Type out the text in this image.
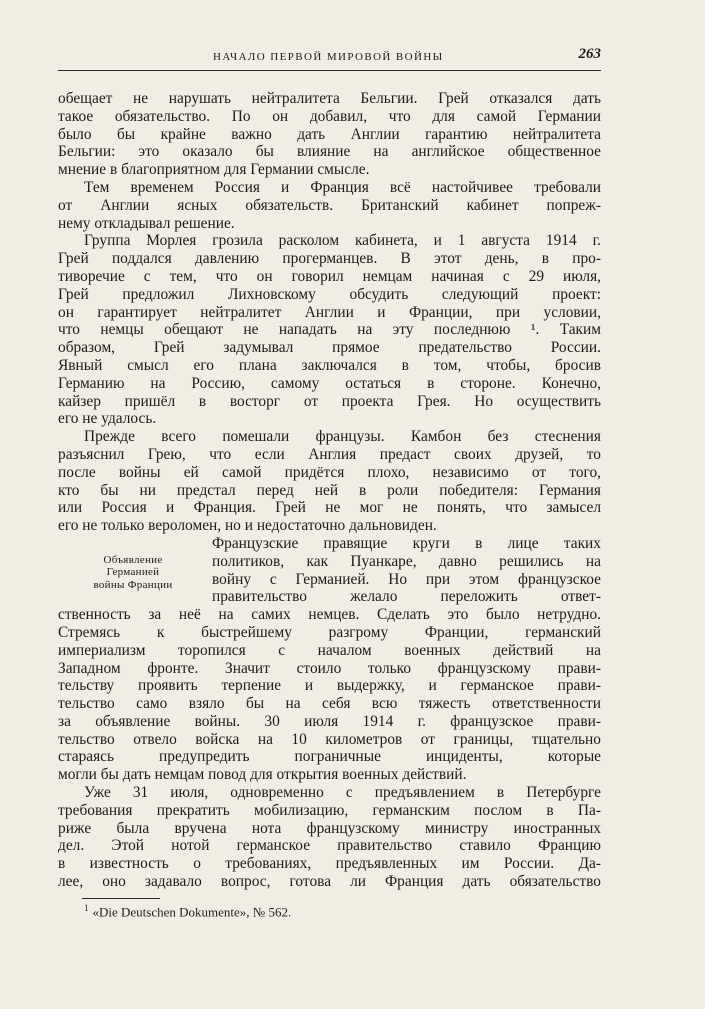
НАЧАЛО ПЕРВОЙ МИРОВОЙ ВОЙНЫ	263

обещает не нарушать нейтралитета Бельгии. Грей отказался дать
такое обязательство. По он добавил, что для самой Германии
было бы крайне важно дать Англии гарантию нейтралитета
Бельгии: это оказало бы влияние на английское общественное
мнение в благоприятном для Германии смысле.

Тем временем Россия и Франция всё настойчивее требовали
от Англии ясных обязательств. Британский кабинет попреж-
нему откладывал решение.

Группа Морлея грозила расколом кабинета, и 1 августа 1914 г.
Грей поддался давлению прогерманцев. В этот день, в про-
тиворечие с тем, что он говорил немцам начиная с 29 июля,
Грей предложил Лихновскому обсудить следующий проект:
он гарантирует нейтралитет Англии и Франции, при условии,
что немцы обещают не нападать на эту последнюю ¹. Таким
образом, Грей задумывал прямое предательство России.
Явный смысл его плана заключался в том, чтобы, бросив
Германию на Россию, самому остаться в стороне. Конечно,
кайзер пришёл в восторг от проекта Грея. Но осуществить
его не удалось.

Прежде всего помешали французы. Камбон без стеснения
разъяснил Грею, что если Англия предаст своих друзей, то
после войны ей самой придётся плохо, независимо от того,
кто бы ни предстал перед ней в роли победителя: Германия
или Россия и Франция. Грей не мог не понять, что замысел
его не только вероломен, но и недостаточно дальновиден.

Объявление
Германией
войны Франции
Французские правящие круги в лице таких
политиков, как Пуанкаре, давно решились на
войну с Германией. Но при этом французское
правительство желало переложить ответ-

ственность за неё на самих немцев. Сделать это было нетрудно.
Стремясь к быстрейшему разгрому Франции, германский
империализм торопился с началом военных действий на
Западном фронте. Значит стоило только французскому прави-
тельству проявить терпение и выдержку, и германское прави-
тельство само взяло бы на себя всю тяжесть ответственности
за объявление войны. 30 июля 1914 г. французское прави-
тельство отвело войска на 10 километров от границы, тщательно
стараясь предупредить пограничные инциденты, которые
могли бы дать немцам повод для открытия военных действий.

Уже 31 июля, одновременно с предъявлением в Петербурге
требования прекратить мобилизацию, германским послом в Па-
риже была вручена нота французскому министру иностранных
дел. Этой нотой германское правительство ставило Францию
в известность о требованиях, предъявленных им России. Да-
лее, оно задавало вопрос, готова ли Франция дать обязательство

$^1$ «Die Deutschen Dokumente», № 562.
